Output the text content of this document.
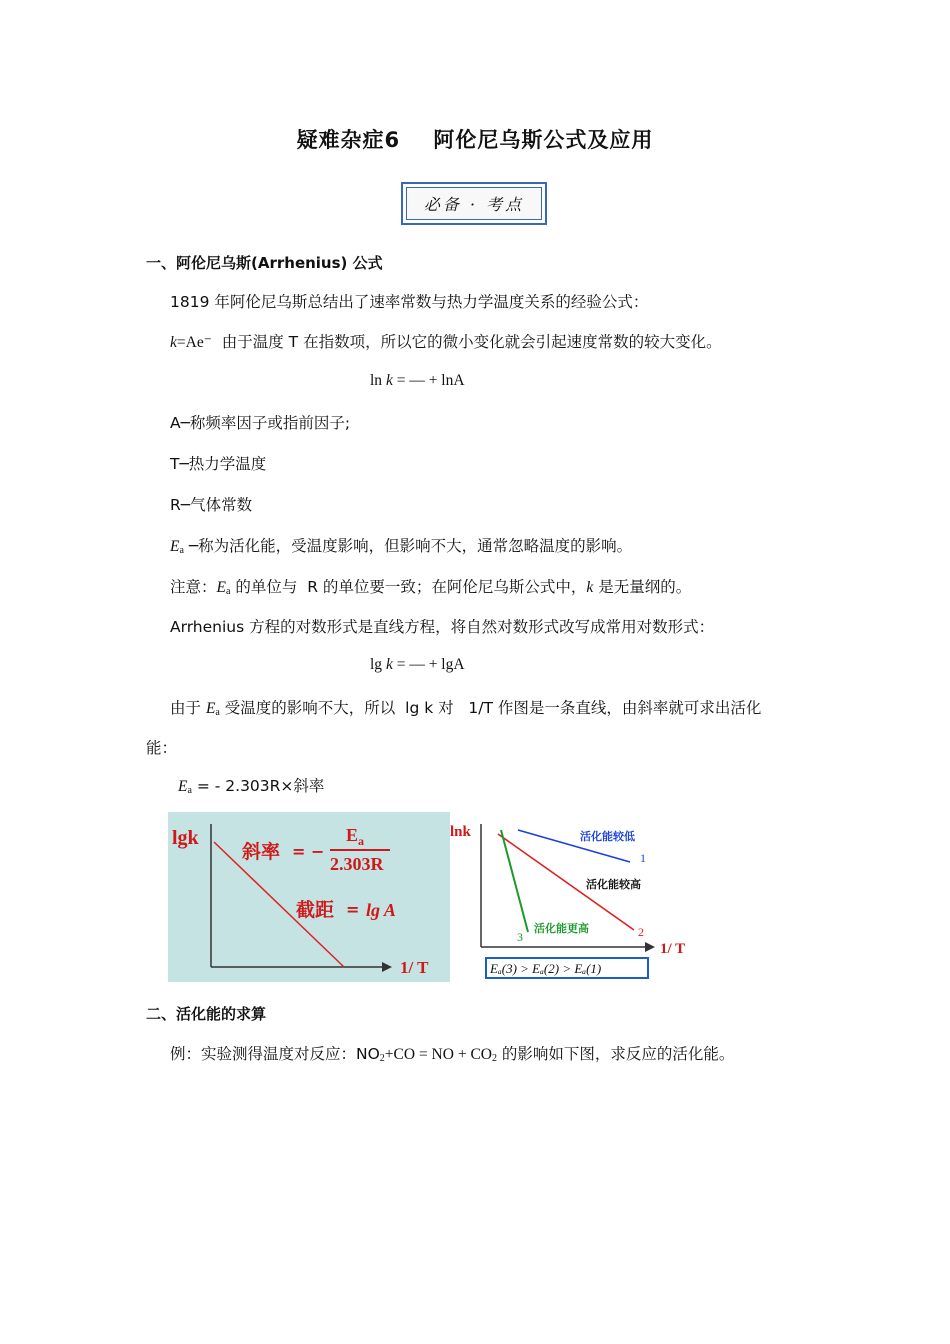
疑难杂症6    阿伦尼乌斯公式及应用
必备 · 考点
一、阿伦尼乌斯(Arrhenius) 公式
1819 年阿伦尼乌斯总结出了速率常数与热力学温度关系的经验公式：
k=Ae⁻  由于温度 T 在指数项，所以它的微小变化就会引起速度常数的较大变化。
ln k = — + lnA
A─称频率因子或指前因子;
T─热力学温度
R─气体常数
$E_a$ ─称为活化能，受温度影响，但影响不大，通常忽略温度的影响。
注意：$E_a$ 的单位与  R 的单位要一致；在阿伦尼乌斯公式中，k 是无量纲的。
Arrhenius 方程的对数形式是直线方程，将自然对数形式改写成常用对数形式：
lg k = — + lgA
由于 $E_a$ 受温度的影响不大，所以  lg k 对   1/T 作图是一条直线，由斜率就可求出活化
能：
$E_a$ = - 2.303R×斜率
lgk
1/ T
斜率 = −
$E_a$
2.303R
截距 = lg A
lnk
1/ T
活化能较低
1
活化能较高
2
活化能更高
3
Eₐ(3) > Eₐ(2) > Eₐ(1)
二、活化能的求算
例：实验测得温度对反应：$NO_2+CO$ = NO + $CO_2$ 的影响如下图，求反应的活化能。
